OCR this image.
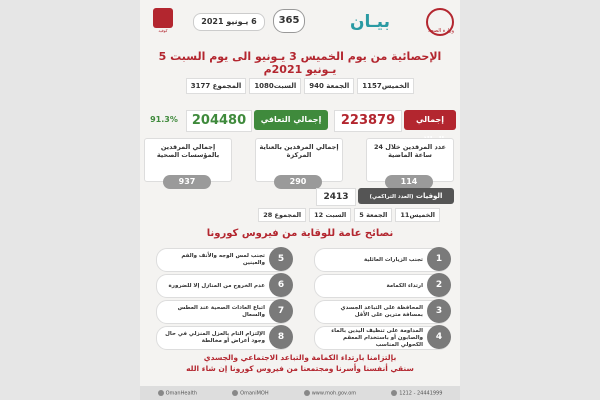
وزارة الصحة
بيـان
365
6 يـونيو 2021
كوفيد
الإحصائية من يوم الخميس 3 يـونيو الى يوم السبت 5 يـونيو 2021م
الخميس1157
الجمعة 940
السبت1080
المجموع 3177
إجمالي
223879
إجمالي التعافي
204480
91.3%
عدد المرقدين خلال 24 ساعة الماضية
114
إجمالي المرقدين بالعناية المركزة
290
إجمالي المرقدين بالمؤسسات الصحية
937
الوفيات (العدد التراكمي)
2413
الخميس11
الجمعة 5
السبت 12
المجموع 28
نصائح عامة للوقاية من فيروس كورونا
1
تجنب الزيارات العائلية
2
ارتداء الكمامة
3
المحافظة على التباعد الجسدي بمسافة مترين على الأقل
4
المداومة على تنظيف اليدين بالماء والصابون أو باستخدام المعقم الكحولي المناسب
5
تجنب لمس الوجه والأنف والفم والعينين
6
عدم الخروج من المنازل إلا للضرورة
7
اتباع العادات الصحية عند العطس والسعال
8
الإلتزام التام بالعزل المنزلي في حال وجود أعراض أو مخالطة
بإلتزامنا بارتداء الكمامة والتباعد الاجتماعي والجسدي
سنقي أنفسنا وأسرنا ومجتمعنا من فيروس كورونا إن شاء الله
OmanHealth	OmaniMOH	www.moh.gov.om	1212 - 24441999
